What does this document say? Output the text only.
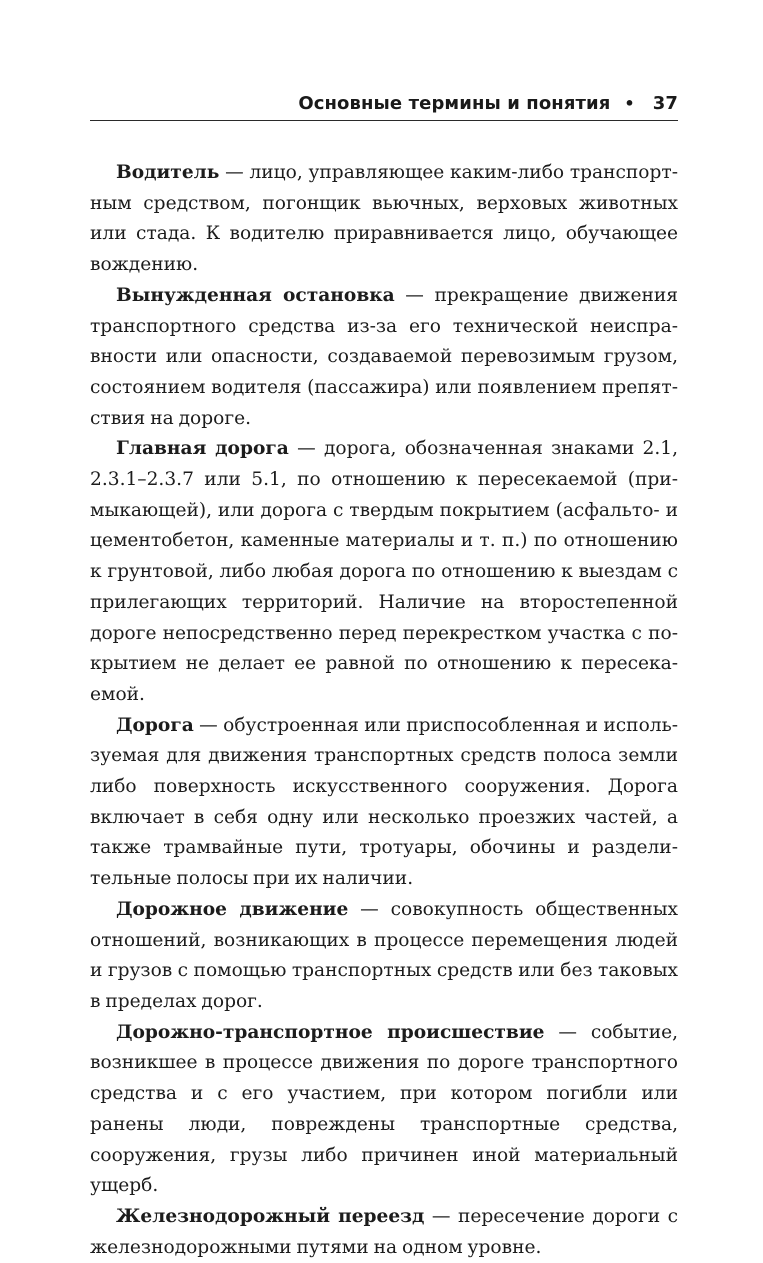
Основные термины и понятия • 37

Водитель — лицо, управляющее каким-либо транспортным средством, погонщик вьючных, верховых животных или стада. К водителю приравнивается лицо, обучающее вождению.

Вынужденная остановка — прекращение движения транспортного средства из-за его технической неисправности или опасности, создаваемой перевозимым грузом, состоянием водителя (пассажира) или появлением препятствия на дороге.

Главная дорога — дорога, обозначенная знаками 2.1, 2.3.1–2.3.7 или 5.1, по отношению к пересекаемой (примыкающей), или дорога с твердым покрытием (асфальто- и цементобетон, каменные материалы и т. п.) по отношению к грунтовой, либо любая дорога по отношению к выездам с прилегающих территорий. Наличие на второстепенной дороге непосредственно перед перекрестком участка с покрытием не делает ее равной по отношению к пересекаемой.

Дорога — обустроенная или приспособленная и используемая для движения транспортных средств полоса земли либо поверхность искусственного сооружения. Дорога включает в себя одну или несколько проезжих частей, а также трамвайные пути, тротуары, обочины и разделительные полосы при их наличии.

Дорожное движение — совокупность общественных отношений, возникающих в процессе перемещения людей и грузов с помощью транспортных средств или без таковых в пределах дорог.

Дорожно-транспортное происшествие — событие, возникшее в процессе движения по дороге транспортного средства и с его участием, при котором погибли или ранены люди, повреждены транспортные средства, сооружения, грузы либо причинен иной материальный ущерб.

Железнодорожный переезд — пересечение дороги с железнодорожными путями на одном уровне.
